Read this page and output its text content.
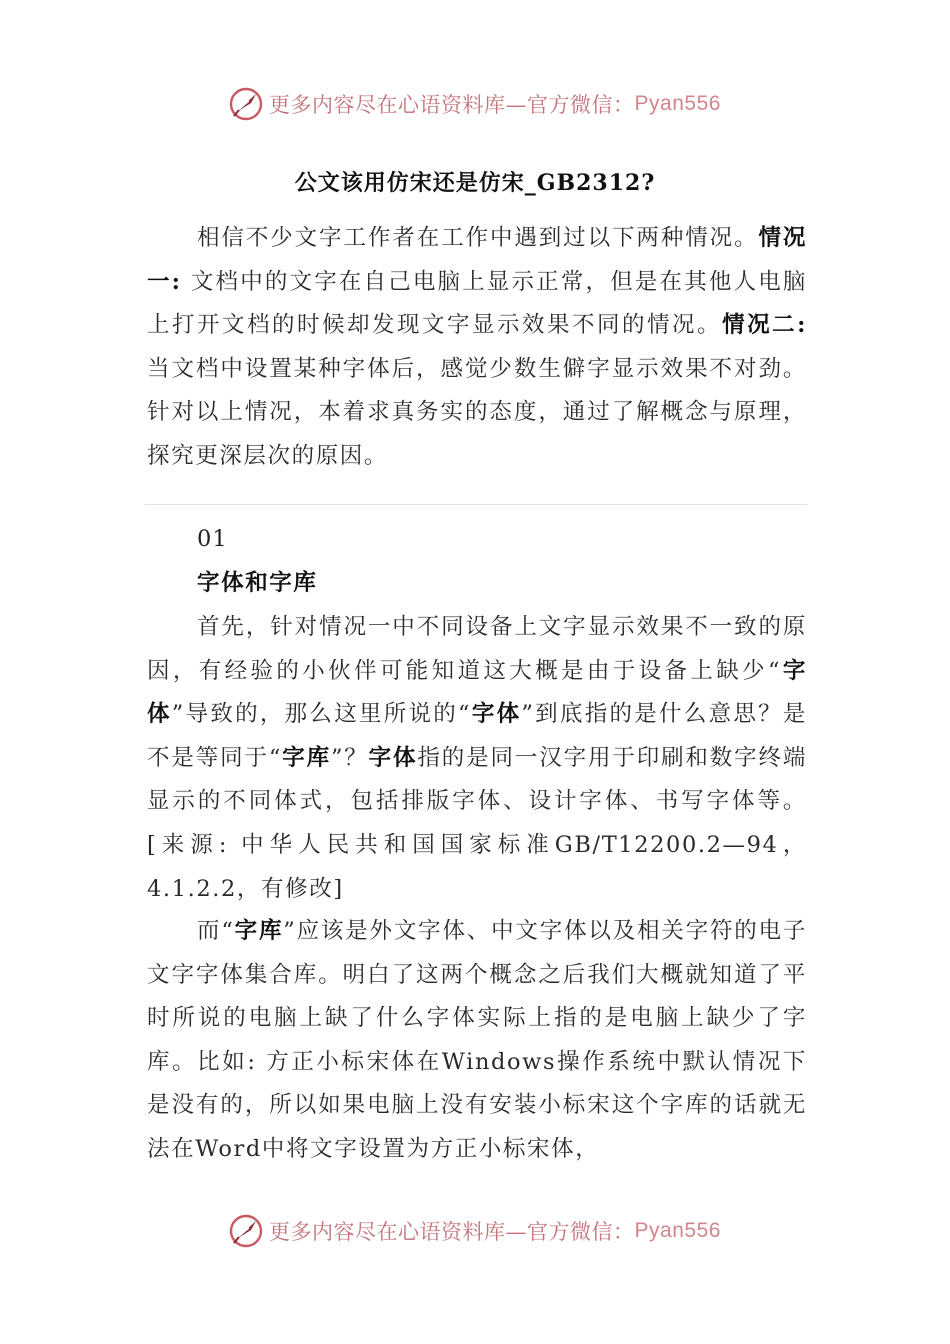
更多内容尽在心语资料库—官方微信： Pyan556
公文该用仿宋还是仿宋_GB2312?

相信不少文字工作者在工作中遇到过以下两种情况。情况一: 文档中的文字在自己电脑上显示正常，但是在其他人电脑上打开文档的时候却发现文字显示效果不同的情况。情况二: 当文档中设置某种字体后，感觉少数生僻字显示效果不对劲。针对以上情况，本着求真务实的态度，通过了解概念与原理，探究更深层次的原因。

01
字体和字库

首先，针对情况一中不同设备上文字显示效果不一致的原因，有经验的小伙伴可能知道这大概是由于设备上缺少“字体”导致的，那么这里所说的“字体”到底指的是什么意思？是不是等同于“字库”？字体指的是同一汉字用于印刷和数字终端显示的不同体式，包括排版字体、设计字体、书写字体等。[来源: 中华人民共和国国家标准GB/T12200.2—94，4.1.2.2，有修改]

而“字库”应该是外文字体、中文字体以及相关字符的电子文字字体集合库。明白了这两个概念之后我们大概就知道了平时所说的电脑上缺了什么字体实际上指的是电脑上缺少了字库。比如: 方正小标宋体在Windows操作系统中默认情况下是没有的，所以如果电脑上没有安装小标宋这个字库的话就无法在Word中将文字设置为方正小标宋体，

更多内容尽在心语资料库—官方微信： Pyan556
